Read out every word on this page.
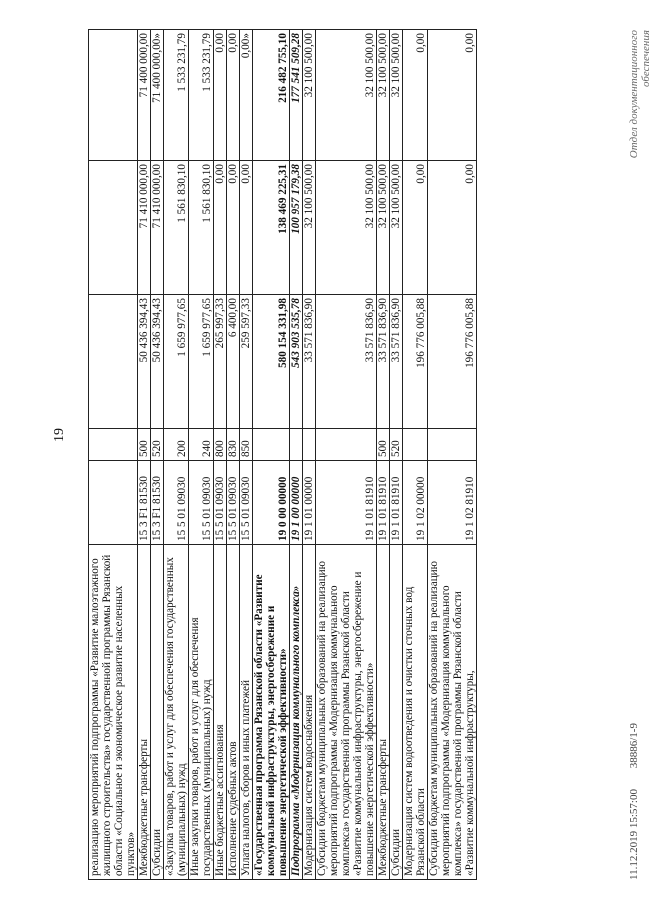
19
реализацию мероприятий подпрограммы «Развитие малоэтажного жилищного строительства» государственной программы Рязанской области «Социальное и экономическое развитие населенных пунктов»					
Межбюджетные трансферты	15 3 F1 81530	500	50 436 394,43	71 410 000,00	71 400 000,00
Субсидии	15 3 F1 81530	520	50 436 394,43	71 410 000,00	71 400 000,00»
«Закупка товаров, работ и услуг для обеспечения государственных (муниципальных) нужд	15 5 01 09030	200	1 659 977,65	1 561 830,10	1 533 231,79
Иные закупки товаров, работ и услуг для обеспечения государственных (муниципальных) нужд	15 5 01 09030	240	1 659 977,65	1 561 830,10	1 533 231,79
Иные бюджетные ассигнования	15 5 01 09030	800	265 997,33	0,00	0,00
Исполнение судебных актов	15 5 01 09030	830	6 400,00	0,00	0,00
Уплата налогов, сборов и иных платежей	15 5 01 09030	850	259 597,33	0,00	0,00»
«Государственная программа Рязанской области «Развитие коммунальной инфраструктуры, энергосбережение и повышение энергетической эффективности»	19 0 00 00000		580 154 331,98	138 469 225,31	216 482 755,10
Подпрограмма «Модернизация коммунального комплекса»	19 1 00 00000		543 903 535,78	100 957 179,38	177 541 509,28
Модернизация систем водоснабжения	19 1 01 00000		33 571 836,90	32 100 500,00	32 100 500,00
Субсидии бюджетам муниципальных образований на реализацию мероприятий подпрограммы «Модернизация коммунального комплекса» государственной программы Рязанской области «Развитие коммунальной инфраструктуры, энергосбережение и повышение энергетической эффективности»	19 1 01 81910		33 571 836,90	32 100 500,00	32 100 500,00
Межбюджетные трансферты	19 1 01 81910	500	33 571 836,90	32 100 500,00	32 100 500,00
Субсидии	19 1 01 81910	520	33 571 836,90	32 100 500,00	32 100 500,00
Модернизация систем водоотведения и очистки сточных вод Рязанской области	19 1 02 00000		196 776 005,88	0,00	0,00
Субсидии бюджетам муниципальных образований на реализацию мероприятий подпрограммы «Модернизация коммунального комплекса» государственной программы Рязанской области «Развитие коммунальной инфраструктуры,	19 1 02 81910		196 776 005,88	0,00	0,00
11.12.2019 15:57:00 38886/1-9
Отдел документационного обеспечения
